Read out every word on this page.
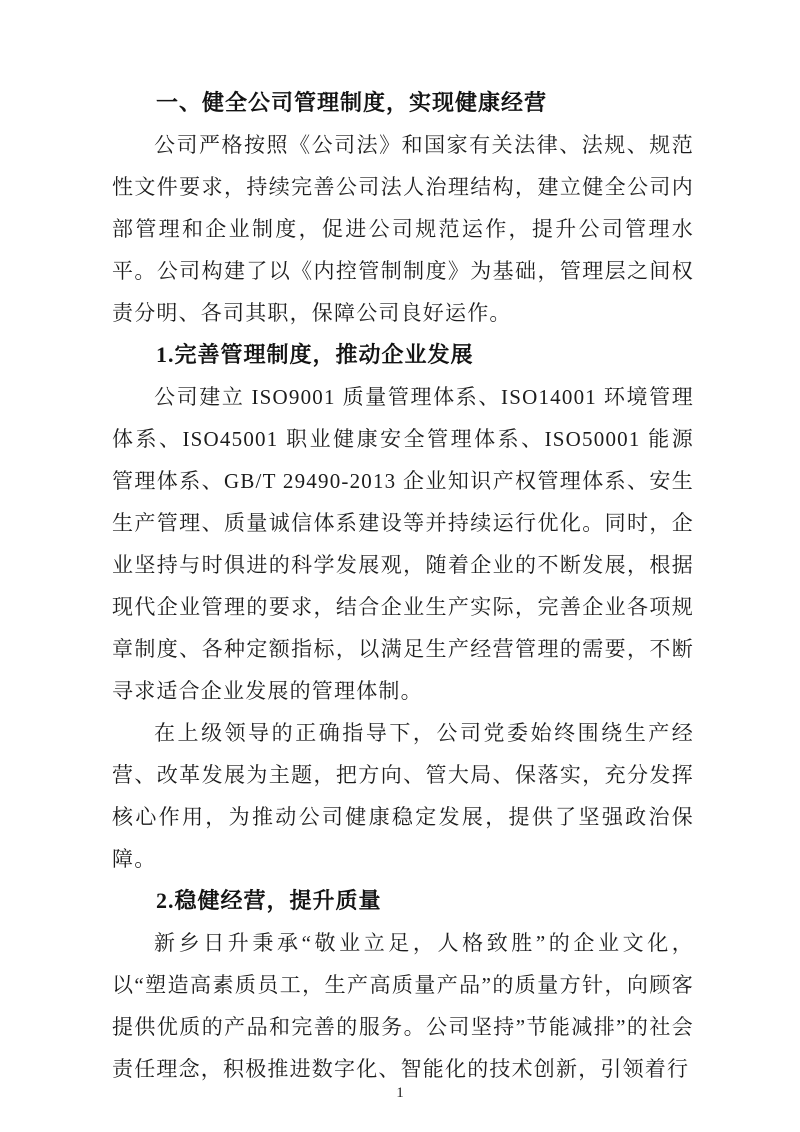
一、健全公司管理制度，实现健康经营

公司严格按照《公司法》和国家有关法律、法规、规范性文件要求，持续完善公司法人治理结构，建立健全公司内部管理和企业制度，促进公司规范运作，提升公司管理水平。公司构建了以《内控管制制度》为基础，管理层之间权责分明、各司其职，保障公司良好运作。

1.完善管理制度，推动企业发展

公司建立 ISO9001 质量管理体系、ISO14001 环境管理体系、ISO45001 职业健康安全管理体系、ISO50001 能源管理体系、GB/T 29490-2013 企业知识产权管理体系、安生生产管理、质量诚信体系建设等并持续运行优化。同时，企业坚持与时俱进的科学发展观，随着企业的不断发展，根据现代企业管理的要求，结合企业生产实际，完善企业各项规章制度、各种定额指标，以满足生产经营管理的需要，不断寻求适合企业发展的管理体制。

在上级领导的正确指导下，公司党委始终围绕生产经营、改革发展为主题，把方向、管大局、保落实，充分发挥核心作用，为推动公司健康稳定发展，提供了坚强政治保障。

2.稳健经营，提升质量

新乡日升秉承“敬业立足，人格致胜”的企业文化，以“塑造高素质员工，生产高质量产品”的质量方针，向顾客提供优质的产品和完善的服务。公司坚持”节能减排”的社会责任理念，积极推进数字化、智能化的技术创新，引领着行

1
